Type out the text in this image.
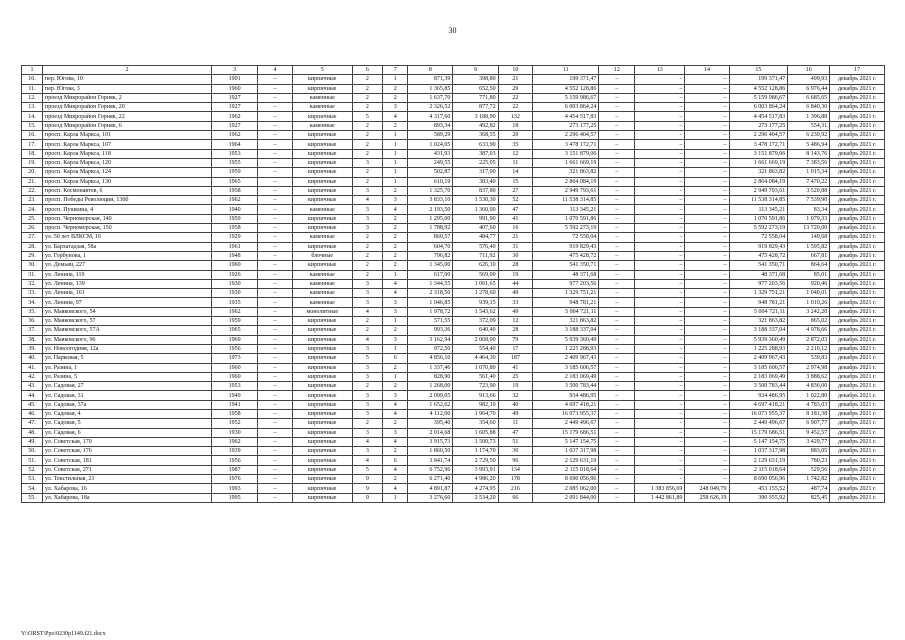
30
1	2	3	4	5	6	7	8	9	10	11	12	13	14	15	16	17
10.	пер. Югова, 10	1901	–	кирпичные	2	1	871,39	398,80	21	199 371,47	–	–	–	199 371,47	499,93	декабрь 2021 г.
11.	пер. Югова, 3	1960	–	кирпичные	2	2	1 365,85	652,50	29	4 552 128,86	–	–	–	4 552 128,86	6 976,44	декабрь 2021 г.
12.	проезд Микрорайон Горняк, 2	1927	–	каменные	2	2	1 637,70	771,80	22	5 159 986,67	–	–	–	5 159 986,67	6 685,65	декабрь 2021 г.
13.	проезд Микрорайон Горняк, 20	1927	–	каменные	2	3	2 326,52	877,72	22	6 003 864,24	–	–	–	6 003 864,24	6 840,30	декабрь 2021 г.
14.	проезд Микрорайон Горняк, 22	1962	–	кирпичные	5	4	4 317,60	3 188,90	132	4 454 517,83	–	–	–	4 454 517,83	1 396,88	декабрь 2021 г.
15.	проезд Микрорайон Горняк, 6	1927	–	каменные	2	2	893,34	492,82	18	273 177,25	–	–	–	273 177,25	554,31	декабрь 2021 г.
16.	просп. Карла Маркса, 101	1962	–	кирпичные	2	1	589,29	368,55	20	2 296 404,57	–	–	–	2 296 404,57	6 230,92	декабрь 2021 г.
17.	просп. Карла Маркса, 107	1964	–	кирпичные	2	1	1 024,05	633,90	35	3 478 172,71	–	–	–	3 478 172,71	5 486,94	декабрь 2021 г.
18.	просп. Карла Маркса, 118	1953	–	кирпичные	2	1	431,93	387,03	12	3 151 879,06	–	–	–	3 151 879,06	8 143,76	декабрь 2021 г.
19.	просп. Карла Маркса, 120	1955	–	кирпичные	3	1	249,55	225,05	11	1 661 669,19	–	–	–	1 661 669,19	7 383,56	декабрь 2021 г.
20.	просп. Карла Маркса, 124	1959	–	кирпичные	2	1	502,87	317,00	14	321 863,82	–	–	–	321 863,82	1 015,34	декабрь 2021 г.
21.	просп. Карла Маркса, 130	1965	–	кирпичные	2	1	610,19	383,40	15	2 864 084,19	–	–	–	2 864 084,19	7 470,22	декабрь 2021 г.
22.	просп. Космонавтов, 6	1958	–	кирпичные	3	2	1 325,70	837,80	27	2 949 793,61	–	–	–	2 949 793,61	3 520,88	декабрь 2021 г.
23.	просп. Победы Революции, 130б	1962	–	кирпичные	4	3	3 833,10	1 530,30	52	11 538 314,85	–	–	–	11 538 314,85	7 539,90	декабрь 2021 г.
24.	просп. Пушкина, 4	1940	–	каменные	3	4	2 193,50	1 360,00	47	113 345,21	–	–	–	113 345,21	83,34	декабрь 2021 г.
25.	просп. Черноморская, 140	1959	–	кирпичные	3	2	1 295,00	991,90	41	1 070 591,86	–	–	–	1 070 591,86	1 079,33	декабрь 2021 г.
26.	просп. Черноморская, 150	1958	–	кирпичные	3	2	1 788,92	407,60	16	5 592 273,19	–	–	–	5 592 273,19	13 720,00	декабрь 2021 г.
27.	ул. 50 лет ВЛКСМ, 16	1929	–	каменные	2	2	860,57	484,77	21	72 558,04	–	–	–	72 558,04	149,68	декабрь 2021 г.
28.	ул. Бархатадзая, 58а	1961	–	кирпичные	2	2	604,70	576,40	31	919 829,43	–	–	–	919 829,43	1 595,82	декабрь 2021 г.
29.	ул. Горбунова, 1	1948	–	блочные	2	2	796,82	711,92	30	475 428,72	–	–	–	475 428,72	667,81	декабрь 2021 г.
30.	ул. Демьян, 227	1960	–	кирпичные	2	2	1 345,00	626,10	28	541 350,71	–	–	–	541 350,71	864,64	декабрь 2021 г.
31.	ул. Ленина, 119	1926	–	каменные	2	1	617,00	569,00	19	48 371,68	–	–	–	48 371,68	85,01	декабрь 2021 г.
32.	ул. Ленина, 139	1930	–	каменные	3	4	1 344,55	1 061,65	44	977 203,56	–	–	–	977 203,56	920,46	декабрь 2021 г.
33.	ул. Ленина, 161	1930	–	каменные	3	4	2 318,50	1 278,60	49	1 329 751,21	–	–	–	1 329 751,21	1 040,01	декабрь 2021 г.
34.	ул. Ленина, 97	1935	–	каменные	3	3	1 046,85	939,15	33	948 781,21	–	–	–	948 781,21	1 010,26	декабрь 2021 г.
35.	ул. Маяковского, 54	1962	–	монолитные	4	3	1 978,72	1 543,62	49	5 004 721,11	–	–	–	5 004 721,11	3 242,20	декабрь 2021 г.
36.	ул. Маяковского, 57	1959	–	кирпичные	2	1	571,55	372,09	12	321 863,82	–	–	–	321 863,82	865,02	декабрь 2021 г.
37.	ул. Маяковского, 57А	1965	–	кирпичные	2	2	993,36	640,40	28	3 188 337,04	–	–	–	3 188 337,04	4 978,66	декабрь 2021 г.
38.	ул. Маяковского, 96	1969	–	кирпичные	4	3	3 162,94	2 068,00	79	5 939 360,49	–	–	–	5 939 360,49	2 872,03	декабрь 2021 г.
39.	ул. Новоогодняя, 12а	1956	–	кирпичные	3	1	972,50	554,40	17	1 225 288,93	–	–	–	1 225 288,93	2 210,12	декабрь 2021 г.
40.	ул. Парковая, 5	1973	–	кирпичные	5	6	4 856,10	4 464,30	187	2 409 967,43	–	–	–	2 409 967,43	539,83	декабрь 2021 г.
41.	ул. Разина, 1	1960	–	кирпичные	3	2	1 337,46	1 070,80	41	3 185 606,57	–	–	–	3 185 606,57	2 974,98	декабрь 2021 г.
42.	ул. Разина, 5	1960	–	кирпичные	3	1	828,90	561,40	25	2 183 069,49	–	–	–	2 183 069,49	3 888,62	декабрь 2021 г.
43.	ул. Садовая, 27	1953	–	кирпичные	2	2	1 268,00	723,90	19	3 500 783,44	–	–	–	3 500 783,44	4 836,00	декабрь 2021 г.
44.	ул. Садовая, 31	1949	–	кирпичные	3	3	2 099,05	913,66	32	934 486,95	–	–	–	934 486,95	1 022,80	декабрь 2021 г.
45.	ул. Садовая, 37а	1941	–	кирпичные	3	4	1 652,62	982,10	40	4 697 418,21	–	–	–	4 697 418,21	4 783,03	декабрь 2021 г.
46.	ул. Садовая, 4	1958	–	кирпичные	3	4	4 112,00	1 964,70	49	16 073 955,37	–	–	–	16 073 955,37	8 181,38	декабрь 2021 г.
47.	ул. Садовая, 5	1952	–	кирпичные	2	2	395,40	354,60	11	2 449 496,67	–	–	–	2 449 496,67	6 907,77	декабрь 2021 г.
48.	ул. Садовая, 6	1930	–	кирпичные	3	3	2 014,68	1 605,88	47	15 179 686,51	–	–	–	15 179 686,51	9 452,57	декабрь 2021 г.
49.	ул. Советская, 170	1962	–	кирпичные	4	4	3 915,73	1 500,73	51	5 147 154,75	–	–	–	5 147 154,75	3 429,77	декабрь 2021 г.
50.	ул. Советская, 176	1939	–	кирпичные	3	2	1 860,50	1 174,70	30	1 037 317,98	–	–	–	1 037 317,98	883,05	декабрь 2021 г.
51.	ул. Советская, 181	1956	–	кирпичные	4	6	3 841,74	2 729,50	96	2 129 631,19	–	–	–	2 129 631,19	780,23	декабрь 2021 г.
52.	ул. Советская, 271	1987	–	кирпичные	5	4	6 752,96	3 993,91	134	2 115 018,64	–	–	–	2 115 018,64	529,56	декабрь 2021 г.
53.	ул. Текстильная, 21	1976	–	кирпичные	9	2	6 271,40	4 986,20	178	8 690 056,96	–	–	–	8 690 056,96	1 742,82	декабрь 2021 г.
54.	ул. Хабарова, 16	1993	–	кирпичные	9	4	4 891,87	4 274,95	216	2 085 062,00	–	1 383 856,69	248 049,79	453 155,52	487,74	декабрь 2021 г.
55.	ул. Хабарова, 18а	1995	–	кирпичные	9	1	3 276,60	2 534,20	66	2 091 844,00	–	1 442 861,89	258 626,19	390 355,92	825,45	декабрь 2021 г.
Y:\ORST\Ppo\0230p1149.f21.docx
